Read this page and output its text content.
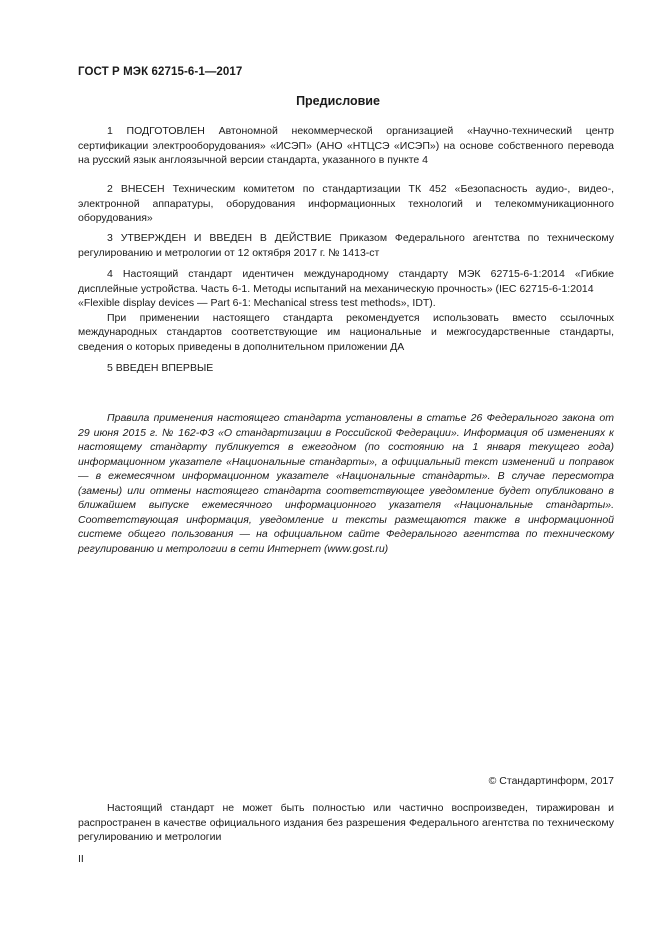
ГОСТ Р МЭК 62715-6-1—2017
Предисловие
1 ПОДГОТОВЛЕН Автономной некоммерческой организацией «Научно-технический центр сертификации электрооборудования» «ИСЭП» (АНО «НТЦСЭ «ИСЭП») на основе собственного перевода на русский язык англоязычной версии стандарта, указанного в пункте 4
2 ВНЕСЕН Техническим комитетом по стандартизации ТК 452 «Безопасность аудио-, видео-, электронной аппаратуры, оборудования информационных технологий и телекоммуникационного оборудования»
3 УТВЕРЖДЕН И ВВЕДЕН В ДЕЙСТВИЕ Приказом Федерального агентства по техническому регулированию и метрологии от 12 октября 2017 г. № 1413-ст
4 Настоящий стандарт идентичен международному стандарту МЭК 62715-6-1:2014 «Гибкие дисплейные устройства. Часть 6-1. Методы испытаний на механическую прочность» (IEC 62715-6-1:2014
«Flexible display devices — Part 6-1: Mechanical stress test methods», IDT).
При применении настоящего стандарта рекомендуется использовать вместо ссылочных международных стандартов соответствующие им национальные и межгосударственные стандарты, сведения о которых приведены в дополнительном приложении ДА
5 ВВЕДЕН ВПЕРВЫЕ
Правила применения настоящего стандарта установлены в статье 26 Федерального закона от 29 июня 2015 г. № 162-ФЗ «О стандартизации в Российской Федерации». Информация об изменениях к настоящему стандарту публикуется в ежегодном (по состоянию на 1 января текущего года) информационном указателе «Национальные стандарты», а официальный текст изменений и поправок — в ежемесячном информационном указателе «Национальные стандарты». В случае пересмотра (замены) или отмены настоящего стандарта соответствующее уведомление будет опубликовано в ближайшем выпуске ежемесячного информационного указателя «Национальные стандарты». Соответствующая информация, уведомление и тексты размещаются также в информационной системе общего пользования — на официальном сайте Федерального агентства по техническому регулированию и метрологии в сети Интернет (www.gost.ru)
© Стандартинформ, 2017
Настоящий стандарт не может быть полностью или частично воспроизведен, тиражирован и распространен в качестве официального издания без разрешения Федерального агентства по техническому регулированию и метрологии
II
